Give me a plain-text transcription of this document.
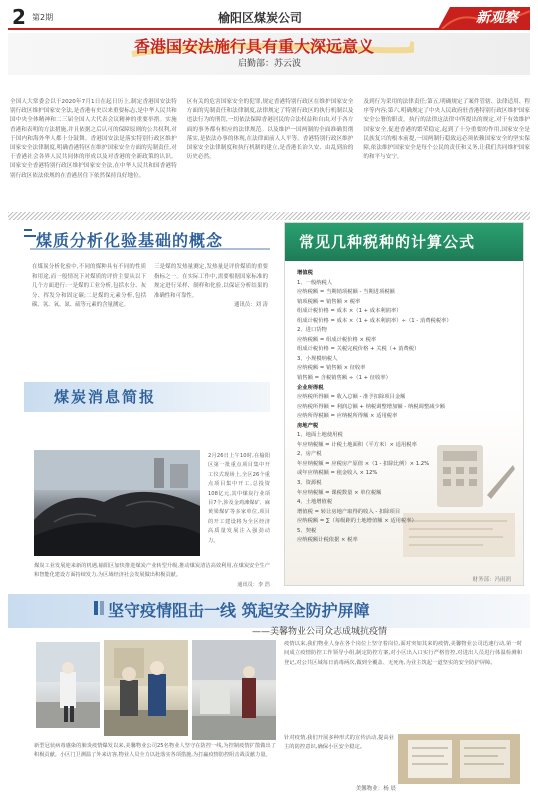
2 第2期	榆阳区煤炭公司	新观察
香港国安法施行具有重大深远意义
启勤部：苏云波

全国人大常委会以于2020年7月1日在起日历上,制定香港国安法特别行政区维护国家安全法,是香港有史以来重要标志,是中华人民共和国中央全体精神和二三届全国人大代表会议精神的重要举措。实施香港和表明的方法措施,并且依据之后认可的保障原则的公共权利,对于国内和海外华人都十分鼓舞。香港国安法是落实特别行政区维护国家安全法律制度,明确香港特区在维护国家安全方面的宪制责任,对于香港社会各界人民共同体的形成以及对香港的全新政策的认识。国家安全香港特别行政区维护国家安全法,在中华人民共和国香港特别行政区依法依规的在香港居住下依然保持良好地位。

区有关的危害国家安全的犯罪,规定香港特别行政区在维护国家安全方面的宪制责任和法律制度,法律规定了特别行政区的执行机制以及违法行为的刑罚,一切依法保障香港居民的合法权益和自由,对于各方面的事务都有相应的法律规范。以及维护一国两制的全面准确贯彻落实,是依法办事的体现,在法律面前人人平等。香港特别行政区维护国家安全法律制度和执行机制的建立,是香港长治久安、由乱到治的历史必然。

及到行为采用的法律责任;第五,明确规定了案件管辖、法律适用、程序等内容;第六,明确规定了中央人民政府驻香港特别行政区维护国家安全公署的职责。执行的法律这法律中所提出的规定,对于有效维护国家安全,促进香港的繁荣稳定,起到了十分重要的作用,国家安全是民族复兴的根本前提,一国两制行稳致远必须依赖国家安全的坚实保障,依法维护国家安全是每个公民的责任和义务,让我们共同维护国家的和平与安宁。

煤质分析化验基础的概念

在煤炭分析化验中,不同的煤种具有不同的性质和用途,而一般情况下对煤质的评价主要从以下几个方面进行:一是煤的工业分析,包括水分、灰分、挥发分和固定碳;二是煤的元素分析,包括碳、氢、氧、氮、硫等元素的含量测定。

三是煤的发热量测定,发热量是评价煤质的重要指标之一。在实际工作中,需要根据国家标准的规定进行采样、制样和化验,以保证分析结果的准确性和可靠性。

通讯员：刘 涛

煤炭消息简报

2月26日上午10时,在榆阳区第一批重点项目集中开工仪式现场上,全区26个重点项目集中开工,总投资108亿元,其中煤炭行业项目7个,涉及金鸡滩煤矿、麻黄梁煤矿等多家单位,项目的开工建设将为全区经济高质量发展注入强劲动力。

煤炭工业发展迎来新的机遇,榆阳区加快推进煤炭产业转型升级,推动煤炭清洁高效利用,在煤炭安全生产和智能化建设方面持续发力,为区域经济社会发展做出积极贡献。

通讯员：李 浩

常见几种税种的计算公式
增值税
1、一般纳税人
应纳税额 = 当期销项税额 - 当期进项税额
销项税额 = 销售额 × 税率
组成计税价格 = 成本 ×（1 + 成本利润率）
组成计税价格 = 成本 ×（1 + 成本利润率）÷（1 - 消费税税率）
2、进口货物
应纳税额 = 组成计税价格 × 税率
组成计税价格 = 关税完税价格 + 关税（+ 消费税）
3、小规模纳税人
应纳税额 = 销售额 × 征收率
销售额 = 含税销售额 ÷（1 + 征收率）
企业所得税
应纳税所得额 = 收入总额 - 准予扣除项目金额
应纳税所得额 = 利润总额 + 纳税调整增加额 - 纳税调整减少额
应纳所得税额 = 应纳税所得额 × 适用税率
房地产税
1、地面土地使用税
年应纳税额 = 计税土地面积（平方米）× 适用税率
2、房产税
年应纳税额 = 应税房产原值 ×（1 - 扣除比例）× 1.2%
或年应纳税额 = 租金收入 × 12%
3、资源税
年应纳税额 = 课税数量 × 单位税额
4、土地增值税
增值税 = 转让房地产取得的收入 - 扣除项目
应纳税额 = ∑（每级距的土地增值额 × 适用税率）
5、契税
应纳税额计税依据 × 税率
财务部：冯雨润
坚守疫情阻击一线 筑起安全防护屏障
——美馨物业公司众志成城抗疫情

疫情以来,我们物业人身在各个岗位上坚守着岗位,面对突如其来的疫情,美馨物业公司迅速行动,第一时间成立疫情防控工作领导小组,制定防控方案,对小区出入口实行严格管控,对进出人员进行体温检测和登记,对公共区域每日消毒两次,做到全覆盖、无死角,为业主筑起一道坚实的安全防护屏障。

针对疫情,我们开展多种形式的宣传活动,提高业主的防控意识,确保小区安全稳定。

新型冠状病毒感染的肺炎疫情爆发以来,美馨物业公司25名物业人坚守在防控一线,为控制疫情扩散做出了积极贡献。小区门卫测温了外来访客,物业人员全力以赴落实各项措施,为打赢疫情防控阻击战贡献力量。

美馨物业：杨 晨
